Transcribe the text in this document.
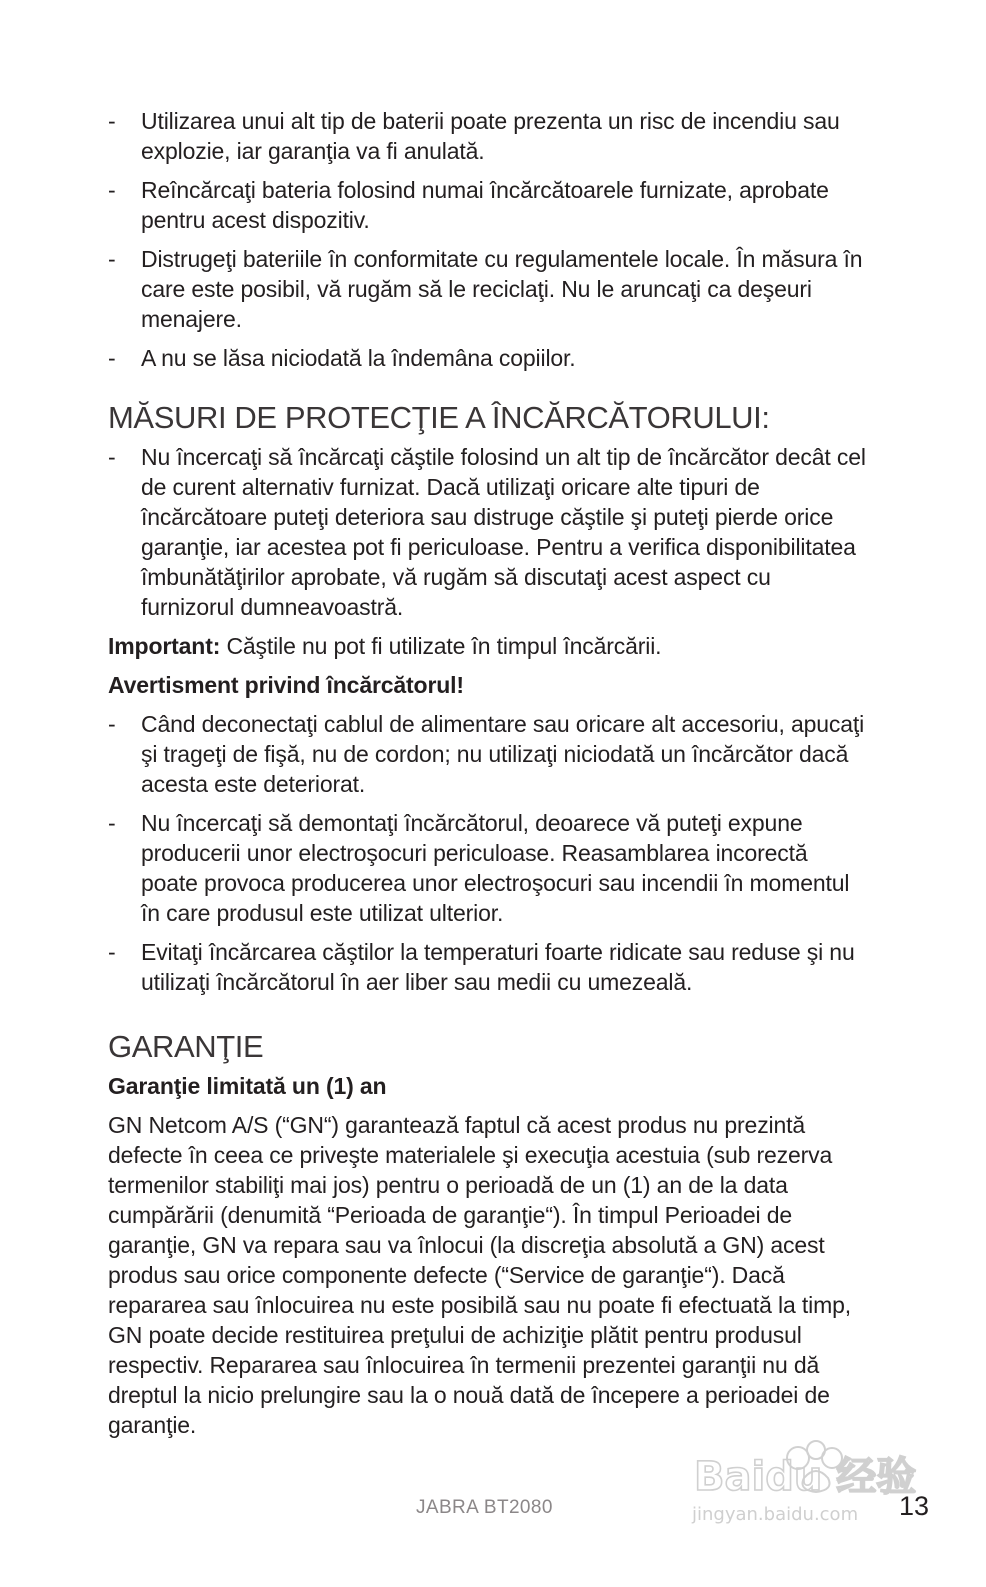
- Utilizarea unui alt tip de baterii poate prezenta un risc de incendiu sau explozie, iar garanţia va fi anulată.
- Reîncărcaţi bateria folosind numai încărcătoarele furnizate, aprobate pentru acest dispozitiv.
- Distrugeţi bateriile în conformitate cu regulamentele locale. În măsura în care este posibil, vă rugăm să le reciclaţi. Nu le aruncaţi ca deşeuri menajere.
- A nu se lăsa niciodată la îndemâna copiilor.
MĂSURI DE PROTECŢIE A ÎNCĂRCĂTORULUI:
- Nu încercaţi să încărcaţi căştile folosind un alt tip de încărcător decât cel de curent alternativ furnizat. Dacă utilizaţi oricare alte tipuri de încărcătoare puteţi deteriora sau distruge căştile şi puteţi pierde orice garanţie, iar acestea pot fi periculoase. Pentru a verifica disponibilitatea îmbunătăţirilor aprobate, vă rugăm să discutaţi acest aspect cu furnizorul dumneavoastră.

Important: Căştile nu pot fi utilizate în timpul încărcării.

Avertisment privind încărcătorul!

- Când deconectaţi cablul de alimentare sau oricare alt accesoriu, apucaţi şi trageţi de fişă, nu de cordon; nu utilizaţi niciodată un încărcător dacă acesta este deteriorat.
- Nu încercaţi să demontaţi încărcătorul, deoarece vă puteţi expune producerii unor electroşocuri periculoase. Reasamblarea incorectă poate provoca producerea unor electroşocuri sau incendii în momentul în care produsul este utilizat ulterior.
- Evitaţi încărcarea căştilor la temperaturi foarte ridicate sau reduse şi nu utilizaţi încărcătorul în aer liber sau medii cu umezeală.
GARANŢIE

Garanţie limitată un (1) an

GN Netcom A/S (“GN“) garantează faptul că acest produs nu prezintă defecte în ceea ce priveşte materialele şi execuţia acestuia (sub rezerva termenilor stabiliţi mai jos) pentru o perioadă de un (1) an de la data cumpărării (denumită “Perioada de garanţie“). În timpul Perioadei de garanţie, GN va repara sau va înlocui (la discreţia absolută a GN) acest produs sau orice componente defecte (“Service de garanţie“). Dacă repararea sau înlocuirea nu este posibilă sau nu poate fi efectuată la timp, GN poate decide restituirea preţului de achiziţie plătit pentru produsul respectiv. Repararea sau înlocuirea în termenii prezentei garanţii nu dă dreptul la nicio prelungire sau la o nouă dată de începere a perioadei de garanţie.

JABRA BT2080	13
Baidu 经验
jingyan.baidu.com
